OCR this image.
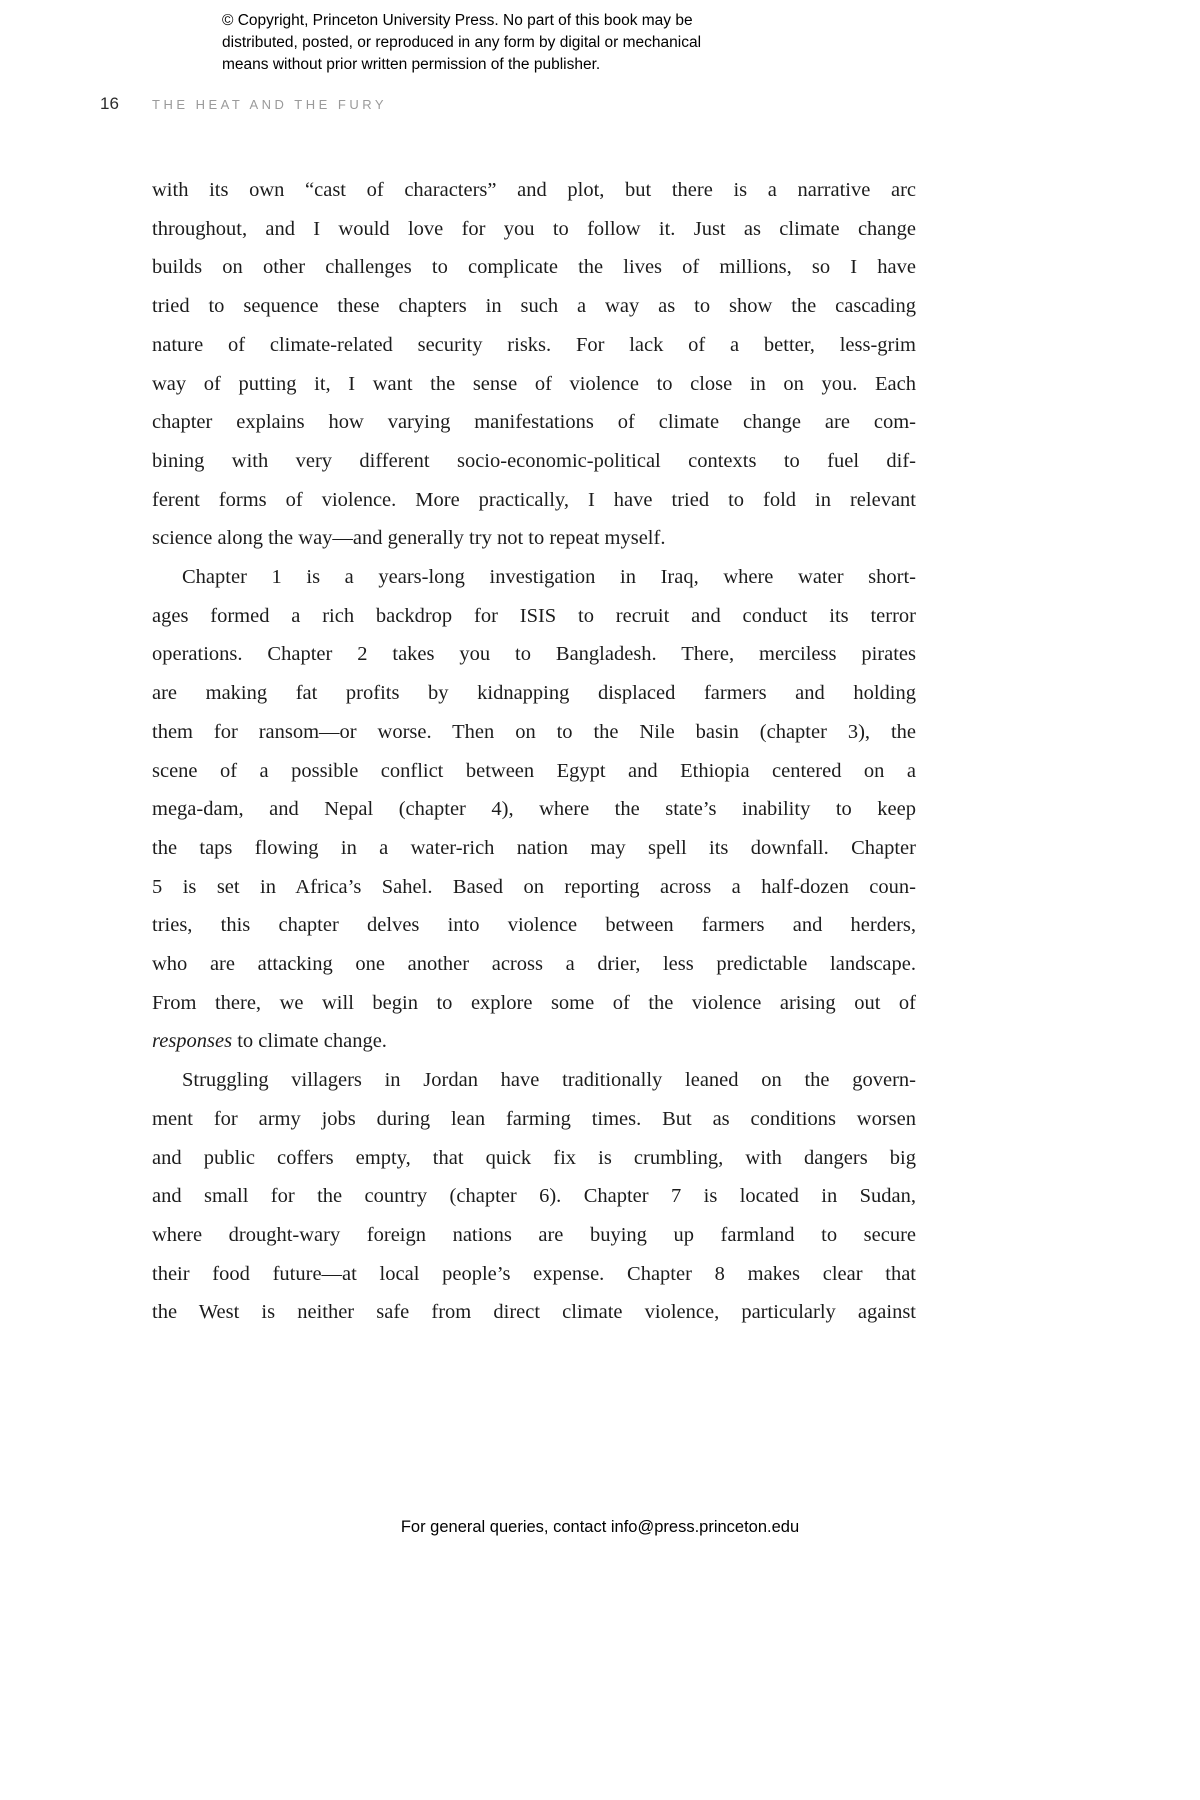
© Copyright, Princeton University Press. No part of this book may be
distributed, posted, or reproduced in any form by digital or mechanical
means without prior written permission of the publisher.
16	THE HEAT AND THE FURY
with its own “cast of characters” and plot, but there is a narrative arc
throughout, and I would love for you to follow it. Just as climate change
builds on other challenges to complicate the lives of millions, so I have
tried to sequence these chapters in such a way as to show the cascading
nature of climate-related security risks. For lack of a better, less-grim
way of putting it, I want the sense of violence to close in on you. Each
chapter explains how varying manifestations of climate change are com-
bining with very different socio-economic-political contexts to fuel dif-
ferent forms of violence. More practically, I have tried to fold in relevant
science along the way—and generally try not to repeat myself.
Chapter 1 is a years-long investigation in Iraq, where water short-
ages formed a rich backdrop for ISIS to recruit and conduct its terror
operations. Chapter 2 takes you to Bangladesh. There, merciless pirates
are making fat profits by kidnapping displaced farmers and holding
them for ransom—or worse. Then on to the Nile basin (chapter 3), the
scene of a possible conflict between Egypt and Ethiopia centered on a
mega-dam, and Nepal (chapter 4), where the state’s inability to keep
the taps flowing in a water-rich nation may spell its downfall. Chapter
5 is set in Africa’s Sahel. Based on reporting across a half-dozen coun-
tries, this chapter delves into violence between farmers and herders,
who are attacking one another across a drier, less predictable landscape.
From there, we will begin to explore some of the violence arising out of
responses to climate change.
Struggling villagers in Jordan have traditionally leaned on the govern-
ment for army jobs during lean farming times. But as conditions worsen
and public coffers empty, that quick fix is crumbling, with dangers big
and small for the country (chapter 6). Chapter 7 is located in Sudan,
where drought-wary foreign nations are buying up farmland to secure
their food future—at local people’s expense. Chapter 8 makes clear that
the West is neither safe from direct climate violence, particularly against
For general queries, contact info@press.princeton.edu
